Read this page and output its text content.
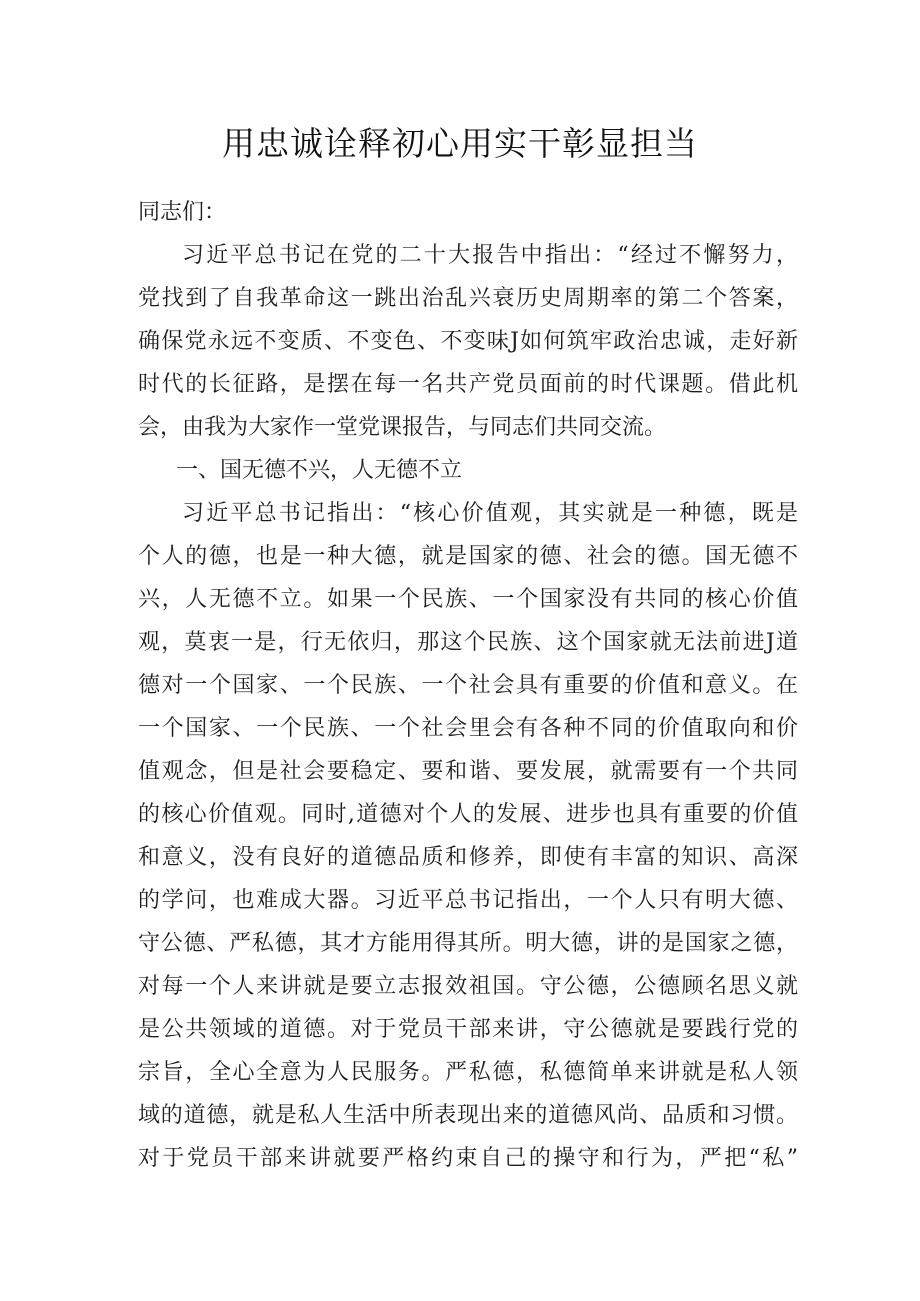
用忠诚诠释初心用实干彰显担当
同志们：
习近平总书记在党的二十大报告中指出：“经过不懈努力，
党找到了自我革命这一跳出治乱兴衰历史周期率的第二个答案，
确保党永远不变质、不变色、不变味J如何筑牢政治忠诚，走好新
时代的长征路，是摆在每一名共产党员面前的时代课题。借此机
会，由我为大家作一堂党课报告，与同志们共同交流。
一、国无德不兴，人无德不立
习近平总书记指出：“核心价值观，其实就是一种德，既是
个人的德，也是一种大德，就是国家的德、社会的德。国无德不
兴，人无德不立。如果一个民族、一个国家没有共同的核心价值
观，莫衷一是，行无依归，那这个民族、这个国家就无法前进J道
德对一个国家、一个民族、一个社会具有重要的价值和意义。在
一个国家、一个民族、一个社会里会有各种不同的价值取向和价
值观念，但是社会要稳定、要和谐、要发展，就需要有一个共同
的核心价值观。同时,道德对个人的发展、进步也具有重要的价值
和意义，没有良好的道德品质和修养，即使有丰富的知识、高深
的学问，也难成大器。习近平总书记指出，一个人只有明大德、
守公德、严私德，其才方能用得其所。明大德，讲的是国家之德，
对每一个人来讲就是要立志报效祖国。守公德，公德顾名思义就
是公共领域的道德。对于党员干部来讲，守公德就是要践行党的
宗旨，全心全意为人民服务。严私德，私德简单来讲就是私人领
域的道德，就是私人生活中所表现出来的道德风尚、品质和习惯。
对于党员干部来讲就要严格约束自己的操守和行为，严把“私”
